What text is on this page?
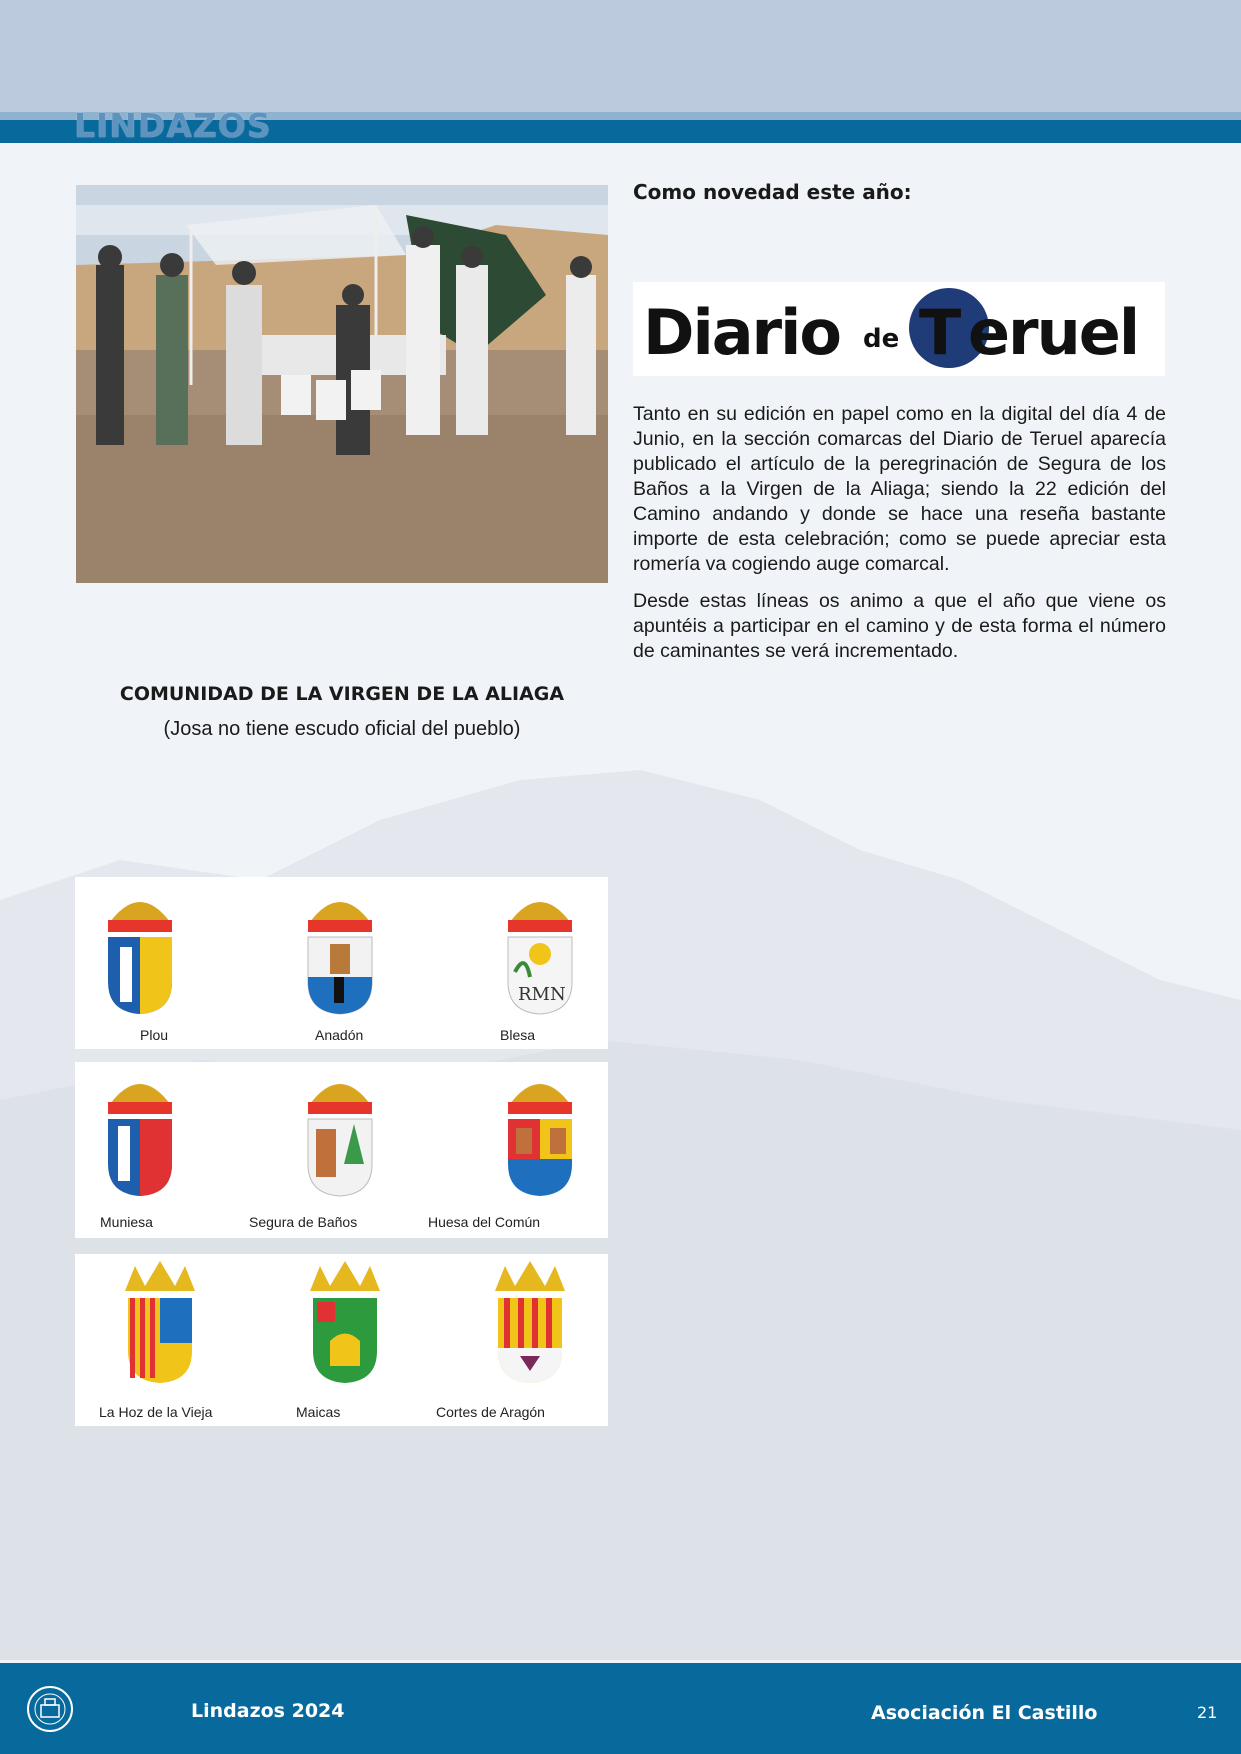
LINDAZOS
Como novedad este año:
Diario de T eruel
Tanto en su edición en papel como en la digital del día 4 de Junio, en la sección comarcas del Diario de Teruel aparecía publicado el artículo de la peregrinación de Segura de los Baños a la Virgen de la Aliaga; siendo la 22 edición del Camino andando y donde se hace una reseña bastante importe de esta celebración; como se puede apreciar esta romería va cogiendo auge comarcal.
Desde estas líneas os animo a que el año que viene os apuntéis a participar en el camino y de esta forma el número de caminantes se verá incrementado.
COMUNIDAD DE LA VIRGEN DE LA ALIAGA
(Josa no tiene escudo oficial del pueblo)
RMN
Plou	Anadón	Blesa
Muniesa	Segura de Baños	Huesa del Común
La Hoz de la Vieja	Maicas	Cortes de Aragón
Lindazos 2024	Asociación El Castillo	21
